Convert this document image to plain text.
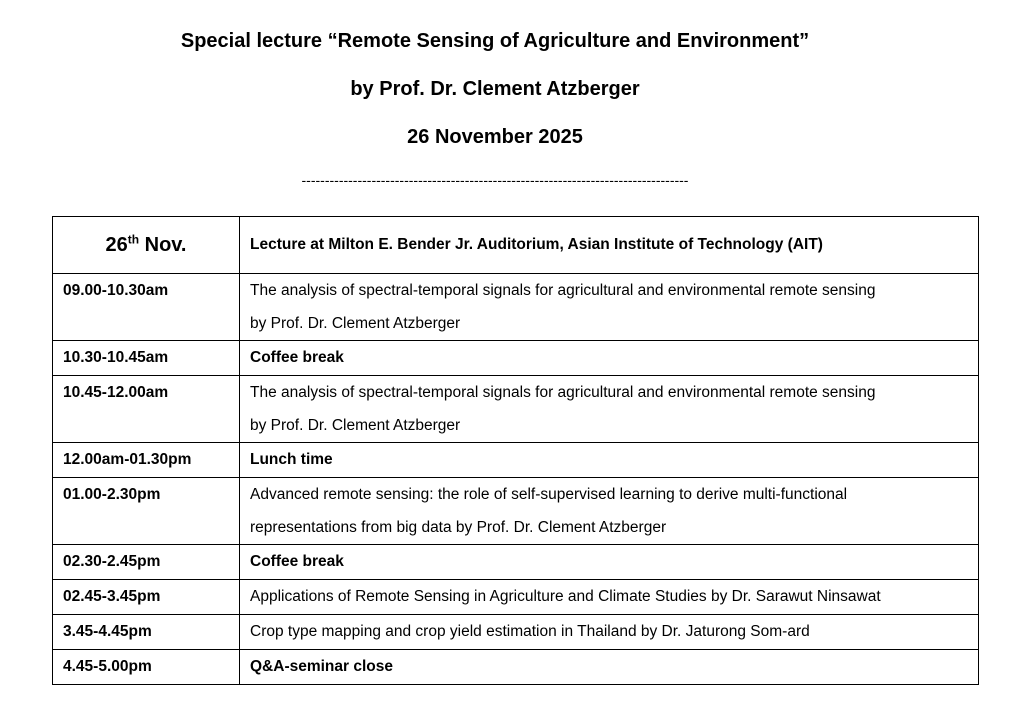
Special lecture “Remote Sensing of Agriculture and Environment”
by Prof. Dr. Clement Atzberger
26 November 2025
-----------------------------------------------------------------------------------
26th Nov.	Lecture at Milton E. Bender Jr. Auditorium, Asian Institute of Technology (AIT)
09.00-10.30am	The analysis of spectral-temporal signals for agricultural and environmental remote sensing
by Prof. Dr. Clement Atzberger

10.30-10.45am	Coffee break
10.45-12.00am	The analysis of spectral-temporal signals for agricultural and environmental remote sensing
by Prof. Dr. Clement Atzberger

12.00am-01.30pm	Lunch time
01.00-2.30pm	Advanced remote sensing: the role of self-supervised learning to derive multi-functional
representations from big data by Prof. Dr. Clement Atzberger

02.30-2.45pm	Coffee break
02.45-3.45pm	Applications of Remote Sensing in Agriculture and Climate Studies by Dr. Sarawut Ninsawat
3.45-4.45pm	Crop type mapping and crop yield estimation in Thailand by Dr. Jaturong Som-ard
4.45-5.00pm	Q&A-seminar close
